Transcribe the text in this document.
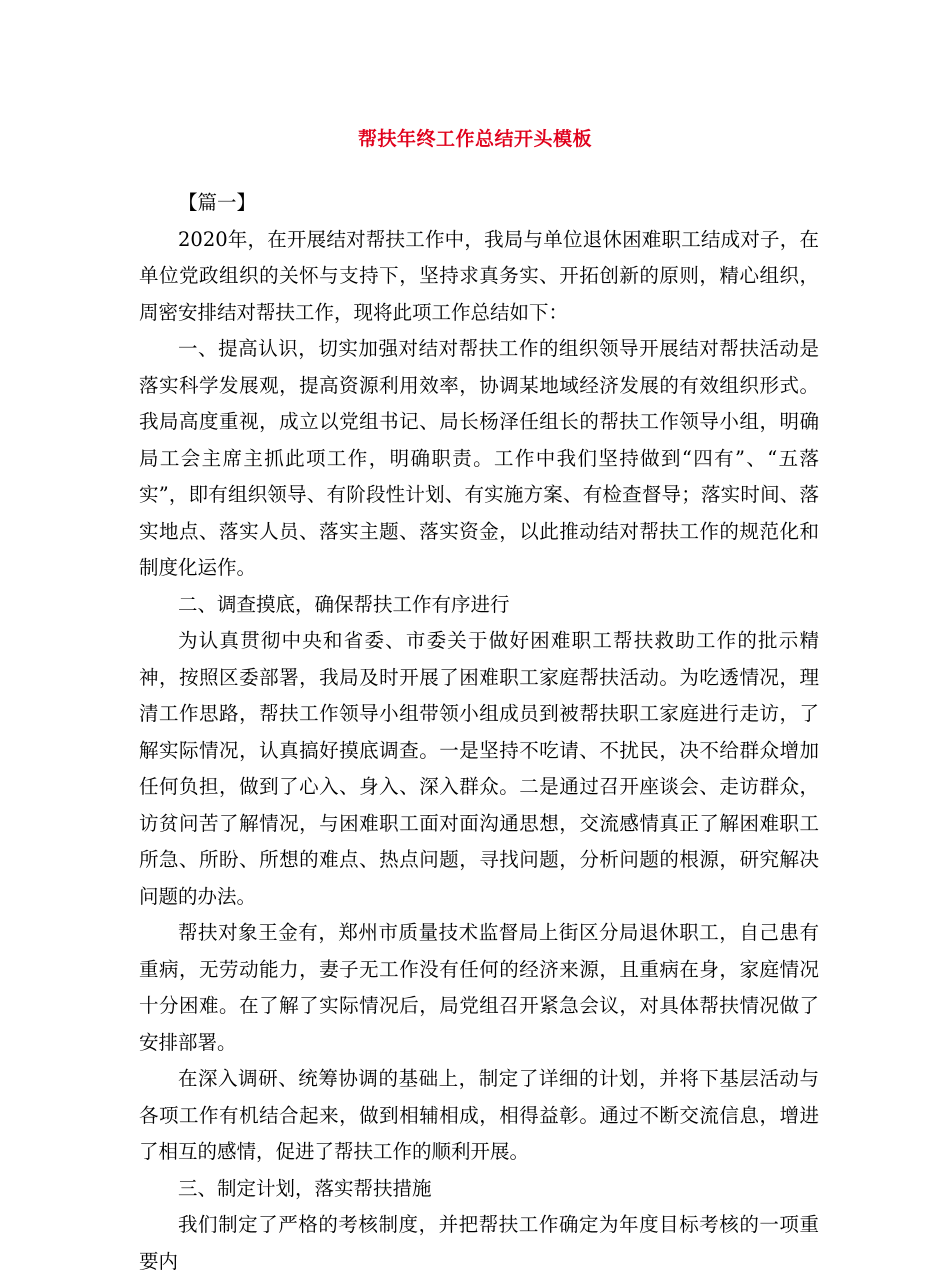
帮扶年终工作总结开头模板

【篇一】

2020年，在开展结对帮扶工作中，我局与单位退休困难职工结成对子，在单位党政组织的关怀与支持下，坚持求真务实、开拓创新的原则，精心组织，周密安排结对帮扶工作，现将此项工作总结如下：

一、提高认识，切实加强对结对帮扶工作的组织领导开展结对帮扶活动是落实科学发展观，提高资源利用效率，协调某地域经济发展的有效组织形式。我局高度重视，成立以党组书记、局长杨泽任组长的帮扶工作领导小组，明确局工会主席主抓此项工作，明确职责。工作中我们坚持做到“四有”、“五落实”，即有组织领导、有阶段性计划、有实施方案、有检查督导；落实时间、落实地点、落实人员、落实主题、落实资金，以此推动结对帮扶工作的规范化和制度化运作。

二、调查摸底，确保帮扶工作有序进行

为认真贯彻中央和省委、市委关于做好困难职工帮扶救助工作的批示精神，按照区委部署，我局及时开展了困难职工家庭帮扶活动。为吃透情况，理清工作思路，帮扶工作领导小组带领小组成员到被帮扶职工家庭进行走访，了解实际情况，认真搞好摸底调查。一是坚持不吃请、不扰民，决不给群众增加任何负担，做到了心入、身入、深入群众。二是通过召开座谈会、走访群众，访贫问苦了解情况，与困难职工面对面沟通思想，交流感情真正了解困难职工所急、所盼、所想的难点、热点问题，寻找问题，分析问题的根源，研究解决问题的办法。

帮扶对象王金有，郑州市质量技术监督局上街区分局退休职工，自己患有重病，无劳动能力，妻子无工作没有任何的经济来源，且重病在身，家庭情况十分困难。在了解了实际情况后，局党组召开紧急会议，对具体帮扶情况做了安排部署。

在深入调研、统筹协调的基础上，制定了详细的计划，并将下基层活动与各项工作有机结合起来，做到相辅相成，相得益彰。通过不断交流信息，增进了相互的感情，促进了帮扶工作的顺利开展。

三、制定计划，落实帮扶措施

我们制定了严格的考核制度，并把帮扶工作确定为年度目标考核的一项重要内
